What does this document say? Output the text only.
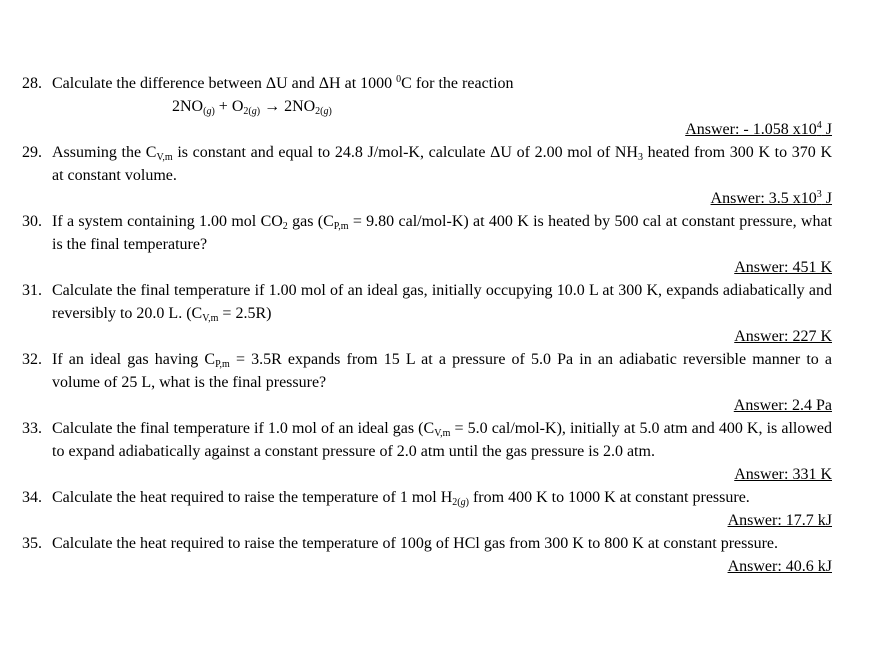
28. Calculate the difference between ΔU and ΔH at 1000 $^0$C for the reaction
$2NO_{(g)} + O_{2(g)} \to 2NO_{2(g)}$
Answer: - 1.058 $x10^4$ J
29. Assuming the $C_{V,m}$ is constant and equal to 24.8 J/mol-K, calculate ΔU of 2.00 mol of $NH_3$ heated from 300 K to 370 K at constant volume.
Answer: 3.5 $x10^3$ J
30. If a system containing 1.00 mol $CO_2$ gas ($C_{P,m} = 9.80$ cal/mol-K) at 400 K is heated by 500 cal at constant pressure, what is the final temperature?
Answer: 451 K
31. Calculate the final temperature if 1.00 mol of an ideal gas, initially occupying 10.0 L at 300 K, expands adiabatically and reversibly to 20.0 L. $(C_{V,m} = 2.5R)$
Answer: 227 K
32. If an ideal gas having $C_{P,m} = 3.5R$ expands from 15 L at a pressure of 5.0 Pa in an adiabatic reversible manner to a volume of 25 L, what is the final pressure?
Answer: 2.4 Pa
33. Calculate the final temperature if 1.0 mol of an ideal gas ($C_{V,m} = 5.0$ cal/mol-K), initially at 5.0 atm and 400 K, is allowed to expand adiabatically against a constant pressure of 2.0 atm until the gas pressure is 2.0 atm.
Answer: 331 K
34. Calculate the heat required to raise the temperature of 1 mol $H_{2(g)}$ from 400 K to 1000 K at constant pressure.
Answer: 17.7 kJ
35. Calculate the heat required to raise the temperature of 100g of HCl gas from 300 K to 800 K at constant pressure.
Answer: 40.6 kJ
